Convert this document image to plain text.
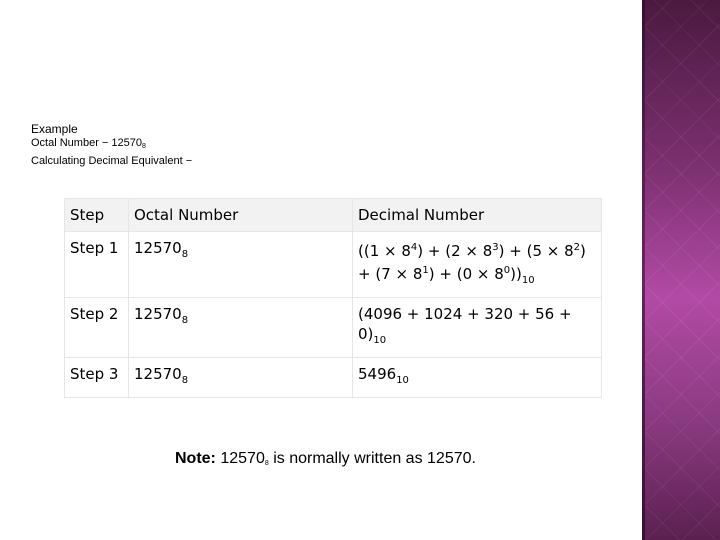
Example
Octal Number − $12570_8$
Calculating Decimal Equivalent −
Step	Octal Number	Decimal Number
Step 1	$12570_8$	$((1 \times 8^4) + (2 \times 8^3) + (5 \times 8^2) + (7 \times 8^1) + (0 \times 8^0))_{10}$
Step 2	$12570_8$	$(4096 + 1024 + 320 + 56 + 0)_{10}$
Step 3	$12570_8$	$5496_{10}$
Note: $12570_8$ is normally written as 12570.
